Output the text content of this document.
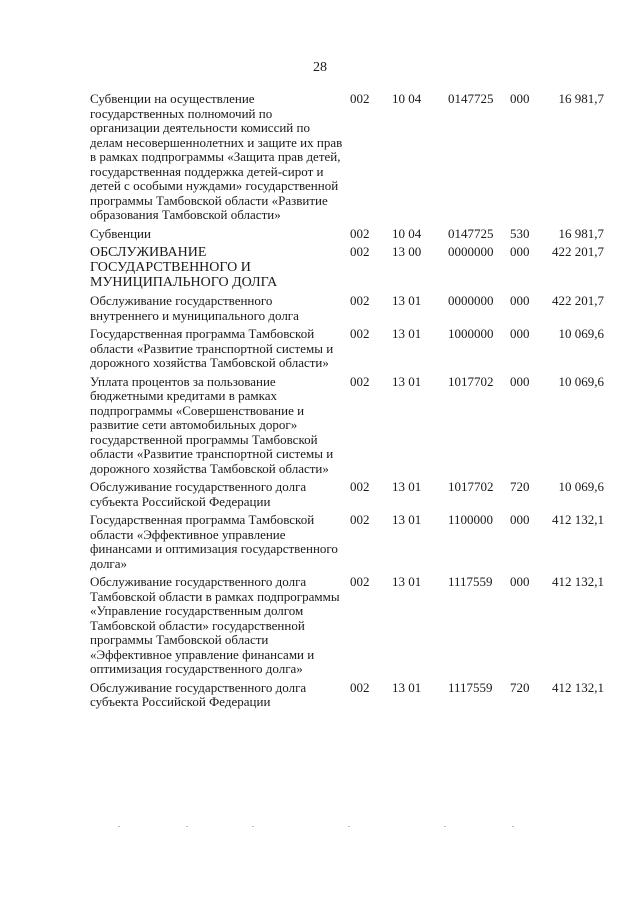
28
Субвенции на осуществление государственных полномочий по организации деятельности комиссий по делам несовершеннолетних и защите их прав в рамках подпрограммы «Защита прав детей, государственная поддержка детей-сирот и детей с особыми нуждами» государственной программы Тамбовской области «Развитие образования Тамбовской области»	002	10 04	0147725	000	16 981,7
Субвенции	002	10 04	0147725	530	16 981,7
ОБСЛУЖИВАНИЕ ГОСУДАРСТВЕННОГО И МУНИЦИПАЛЬНОГО ДОЛГА	002	13 00	0000000	000	422 201,7
Обслуживание государственного внутреннего и муниципального долга	002	13 01	0000000	000	422 201,7
Государственная программа Тамбовской области «Развитие транспортной системы и дорожного хозяйства Тамбовской области»	002	13 01	1000000	000	10 069,6
Уплата процентов за пользование бюджетными кредитами в рамках подпрограммы «Совершенствование и развитие сети автомобильных дорог» государственной программы Тамбовской области «Развитие транспортной системы и дорожного хозяйства Тамбовской области»	002	13 01	1017702	000	10 069,6
Обслуживание государственного долга субъекта Российской Федерации	002	13 01	1017702	720	10 069,6
Государственная программа Тамбовской области «Эффективное управление финансами и оптимизация государственного долга»	002	13 01	1100000	000	412 132,1
Обслуживание государственного долга Тамбовской области в рамках подпрограммы «Управление государственным долгом Тамбовской области» государственной программы Тамбовской области «Эффективное управление финансами и оптимизация государственного долга»	002	13 01	1117559	000	412 132,1
Обслуживание государственного долга субъекта Российской Федерации	002	13 01	1117559	720	412 132,1
